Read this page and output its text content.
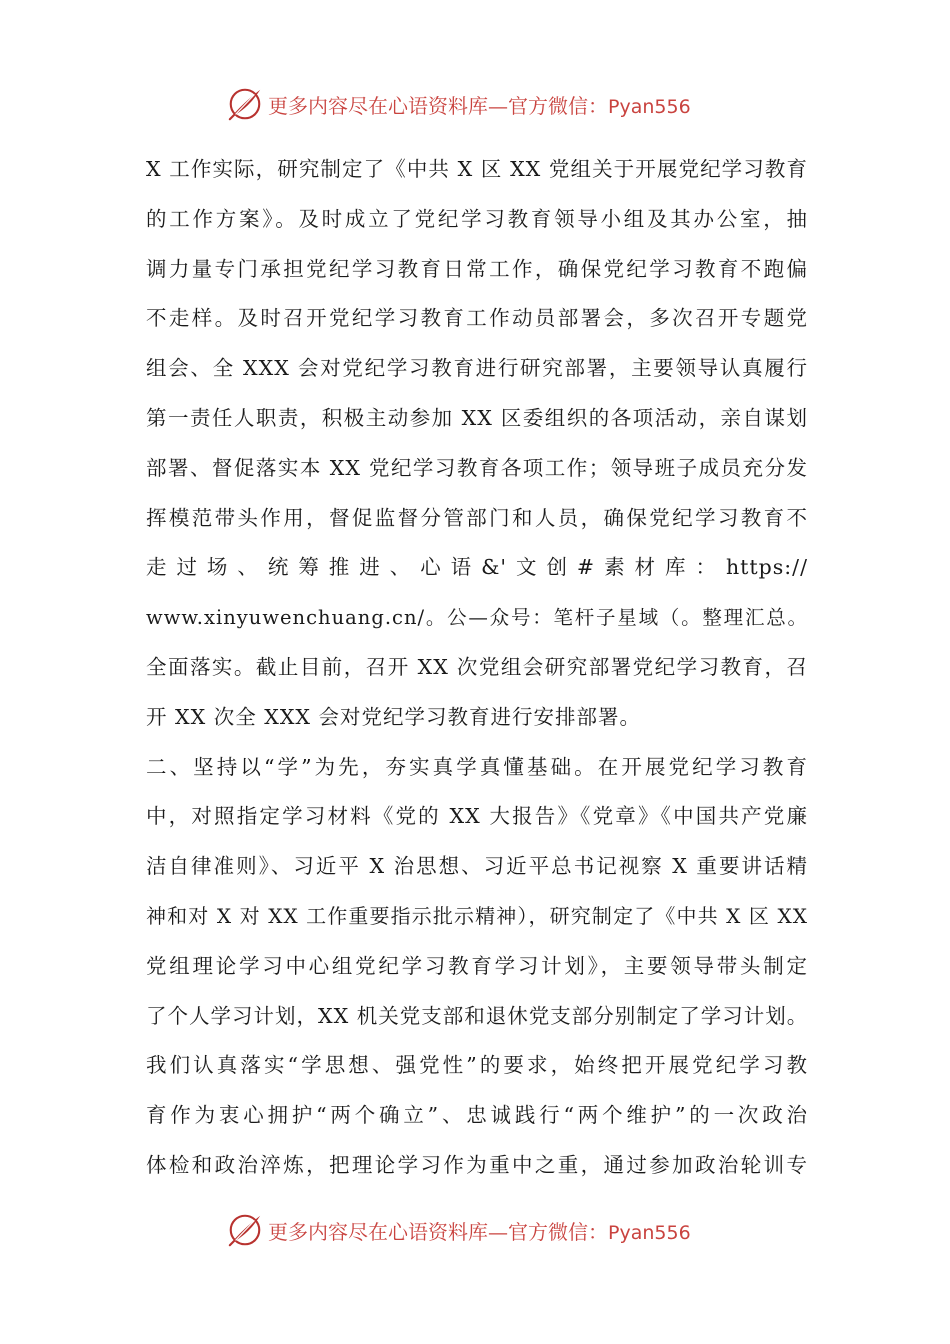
更多内容尽在心语资料库—官方微信：Pyan556
X 工作实际，研究制定了《中共 X 区 XX 党组关于开展党纪学习教育
的工作方案》。及时成立了党纪学习教育领导小组及其办公室，抽
调力量专门承担党纪学习教育日常工作，确保党纪学习教育不跑偏
不走样。及时召开党纪学习教育工作动员部署会，多次召开专题党
组会、全 XXX 会对党纪学习教育进行研究部署，主要领导认真履行
第一责任人职责，积极主动参加 XX 区委组织的各项活动，亲自谋划
部署、督促落实本 XX 党纪学习教育各项工作；领导班子成员充分发
挥模范带头作用，督促监督分管部门和人员，确保党纪学习教育不
走过场、统筹推进、心语&'文创#素材库：https://
www.xinyuwenchuang.cn/。公—众号：笔杆子星域（。整理汇总。
全面落实。截止目前，召开 XX 次党组会研究部署党纪学习教育，召
开 XX 次全 XXX 会对党纪学习教育进行安排部署。
二、坚持以“学”为先，夯实真学真懂基础。在开展党纪学习教育
中，对照指定学习材料《党的 XX 大报告》《党章》《中国共产党廉
洁自律准则》、习近平 X 治思想、习近平总书记视察 X 重要讲话精
神和对 X 对 XX 工作重要指示批示精神），研究制定了《中共 X 区 XX
党组理论学习中心组党纪学习教育学习计划》，主要领导带头制定
了个人学习计划，XX 机关党支部和退休党支部分别制定了学习计划。
我们认真落实“学思想、强党性”的要求，始终把开展党纪学习教
育作为衷心拥护“两个确立”、忠诚践行“两个维护”的一次政治
体检和政治淬炼，把理论学习作为重中之重，通过参加政治轮训专
更多内容尽在心语资料库—官方微信：Pyan556
